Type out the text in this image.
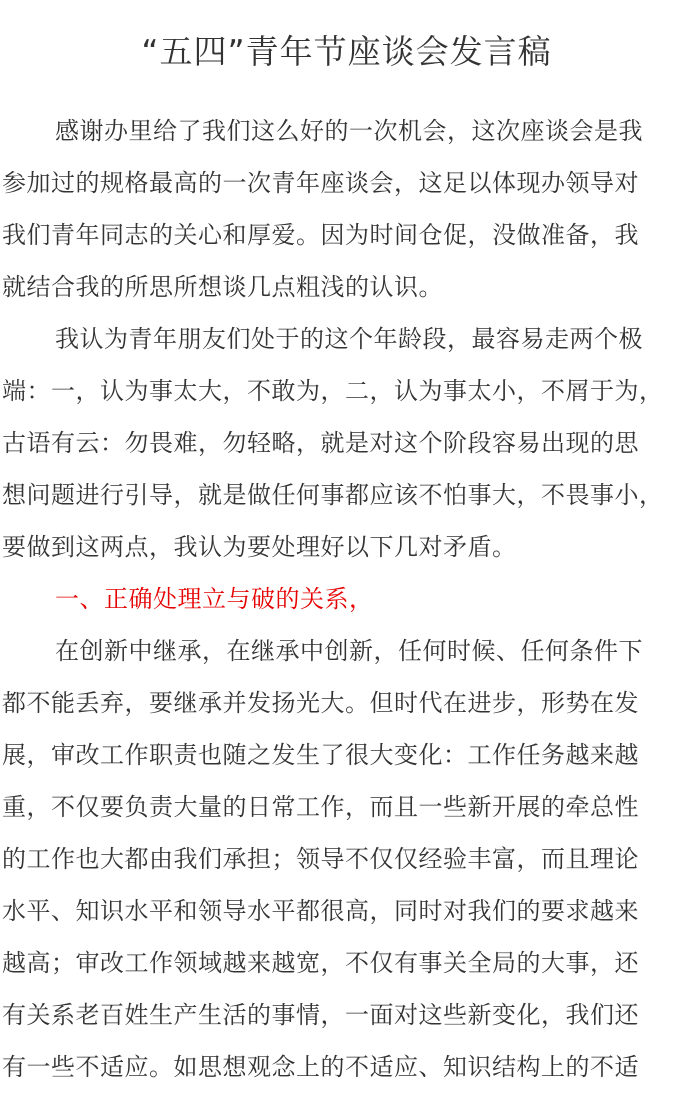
“五四”青年节座谈会发言稿
感谢办里给了我们这么好的一次机会，这次座谈会是我
参加过的规格最高的一次青年座谈会，这足以体现办领导对
我们青年同志的关心和厚爱。因为时间仓促，没做准备，我
就结合我的所思所想谈几点粗浅的认识。
我认为青年朋友们处于的这个年龄段，最容易走两个极
端：一，认为事太大，不敢为，二，认为事太小，不屑于为，
古语有云：勿畏难，勿轻略，就是对这个阶段容易出现的思
想问题进行引导，就是做任何事都应该不怕事大，不畏事小，
要做到这两点，我认为要处理好以下几对矛盾。
一、正确处理立与破的关系，
在创新中继承，在继承中创新，任何时候、任何条件下
都不能丢弃，要继承并发扬光大。但时代在进步，形势在发
展，审改工作职责也随之发生了很大变化：工作任务越来越
重，不仅要负责大量的日常工作，而且一些新开展的牵总性
的工作也大都由我们承担；领导不仅仅经验丰富，而且理论
水平、知识水平和领导水平都很高，同时对我们的要求越来
越高；审改工作领域越来越宽，不仅有事关全局的大事，还
有关系老百姓生产生活的事情，一面对这些新变化，我们还
有一些不适应。如思想观念上的不适应、知识结构上的不适
